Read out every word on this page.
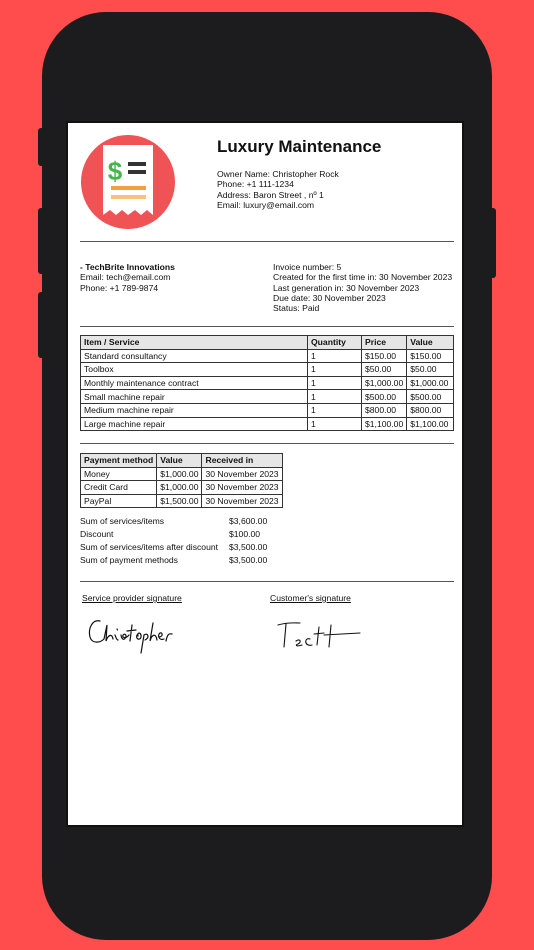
$
Luxury Maintenance
Owner Name: Christopher Rock
Phone: +1 111-1234
Address: Baron Street , nº 1
Email: luxury@email.com
- TechBrite Innovations
Email: tech@email.com
Phone: +1 789-9874
Invoice number: 5
Created for the first time in: 30 November 2023
Last generation in: 30 November 2023
Due date: 30 November 2023
Status: Paid
Item / Service	Quantity	Price	Value
Standard consultancy	1	$150.00	$150.00
Toolbox	1	$50.00	$50.00
Monthly maintenance contract	1	$1,000.00	$1,000.00
Small machine repair	1	$500.00	$500.00
Medium machine repair	1	$800.00	$800.00
Large machine repair	1	$1,100.00	$1,100.00
Payment method	Value	Received in
Money	$1,000.00	30 November 2023
Credit Card	$1,000.00	30 November 2023
PayPal	$1,500.00	30 November 2023
Sum of services/items	$3,600.00
Discount	$100.00
Sum of services/items after discount	$3,500.00
Sum of payment methods	$3,500.00
Service provider signature	Customer's signature
